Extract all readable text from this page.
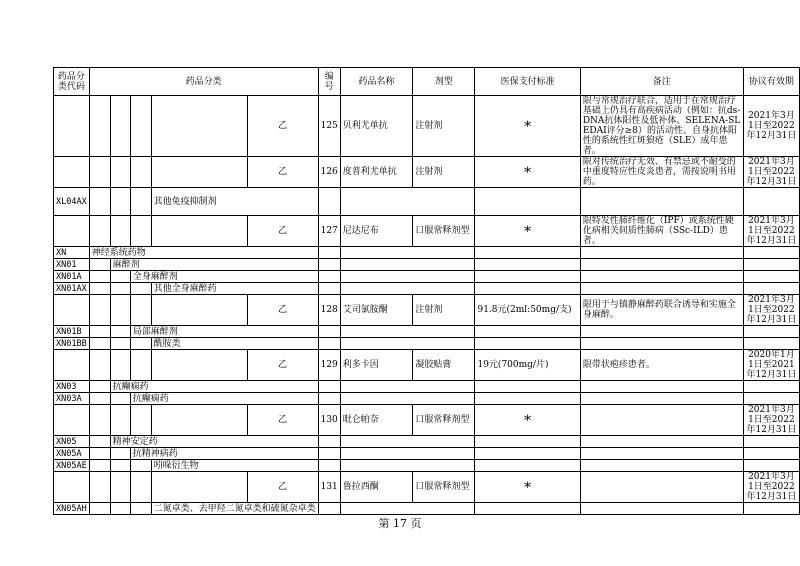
药品分类代码	药品分类					编号	药品名称	剂型	医保支付标准	备注	协议有效期
					乙	125	贝利尤单抗	注射剂	*	限与常规治疗联合，适用于在常规治疗基础上仍具有高疾病活动（例如：抗ds-DNA抗体阳性及低补体、SELENA-SLEDAI评分≥8）的活动性、自身抗体阳性的系统性红斑狼疮（SLE）成年患者。	2021年3月1日至2022年12月31日
					乙	126	度普利尤单抗	注射剂	*	限对传统治疗无效、有禁忌或不耐受的中重度特应性皮炎患者，需按说明书用药。	2021年3月1日至2022年12月31日
XL04AX				其他免疫抑制剂							
					乙	127	尼达尼布	口服常释剂型	*	限特发性肺纤维化（IPF）或系统性硬化病相关间质性肺病（SSc-ILD）患者。	2021年3月1日至2022年12月31日
XN	神经系统药物										
XN01		麻醉剂									
XN01A			全身麻醉剂								
XN01AX				其他全身麻醉药							
					乙	128	艾司氯胺酮	注射剂	91.8元(2ml:50mg/支)	限用于与镇静麻醉药联合诱导和实施全身麻醉。	2021年3月1日至2022年12月31日
XN01B			局部麻醉剂								
XN01BB				酰胺类							
					乙	129	利多卡因	凝胶贴膏	19元(700mg/片)	限带状疱疹患者。	2020年1月1日至2021年12月31日
XN03		抗癫痫药									
XN03A			抗癫痫药								
					乙	130	吡仑帕奈	口服常释剂型	*		2021年3月1日至2022年12月31日
XN05		精神安定药									
XN05A			抗精神病药								
XN05AE				吲哚衍生物							
					乙	131	鲁拉西酮	口服常释剂型	*		2021年3月1日至2022年12月31日
XN05AH				二氮卓类、去甲羟二氮卓类和硫氮杂卓类							
第 17 页
